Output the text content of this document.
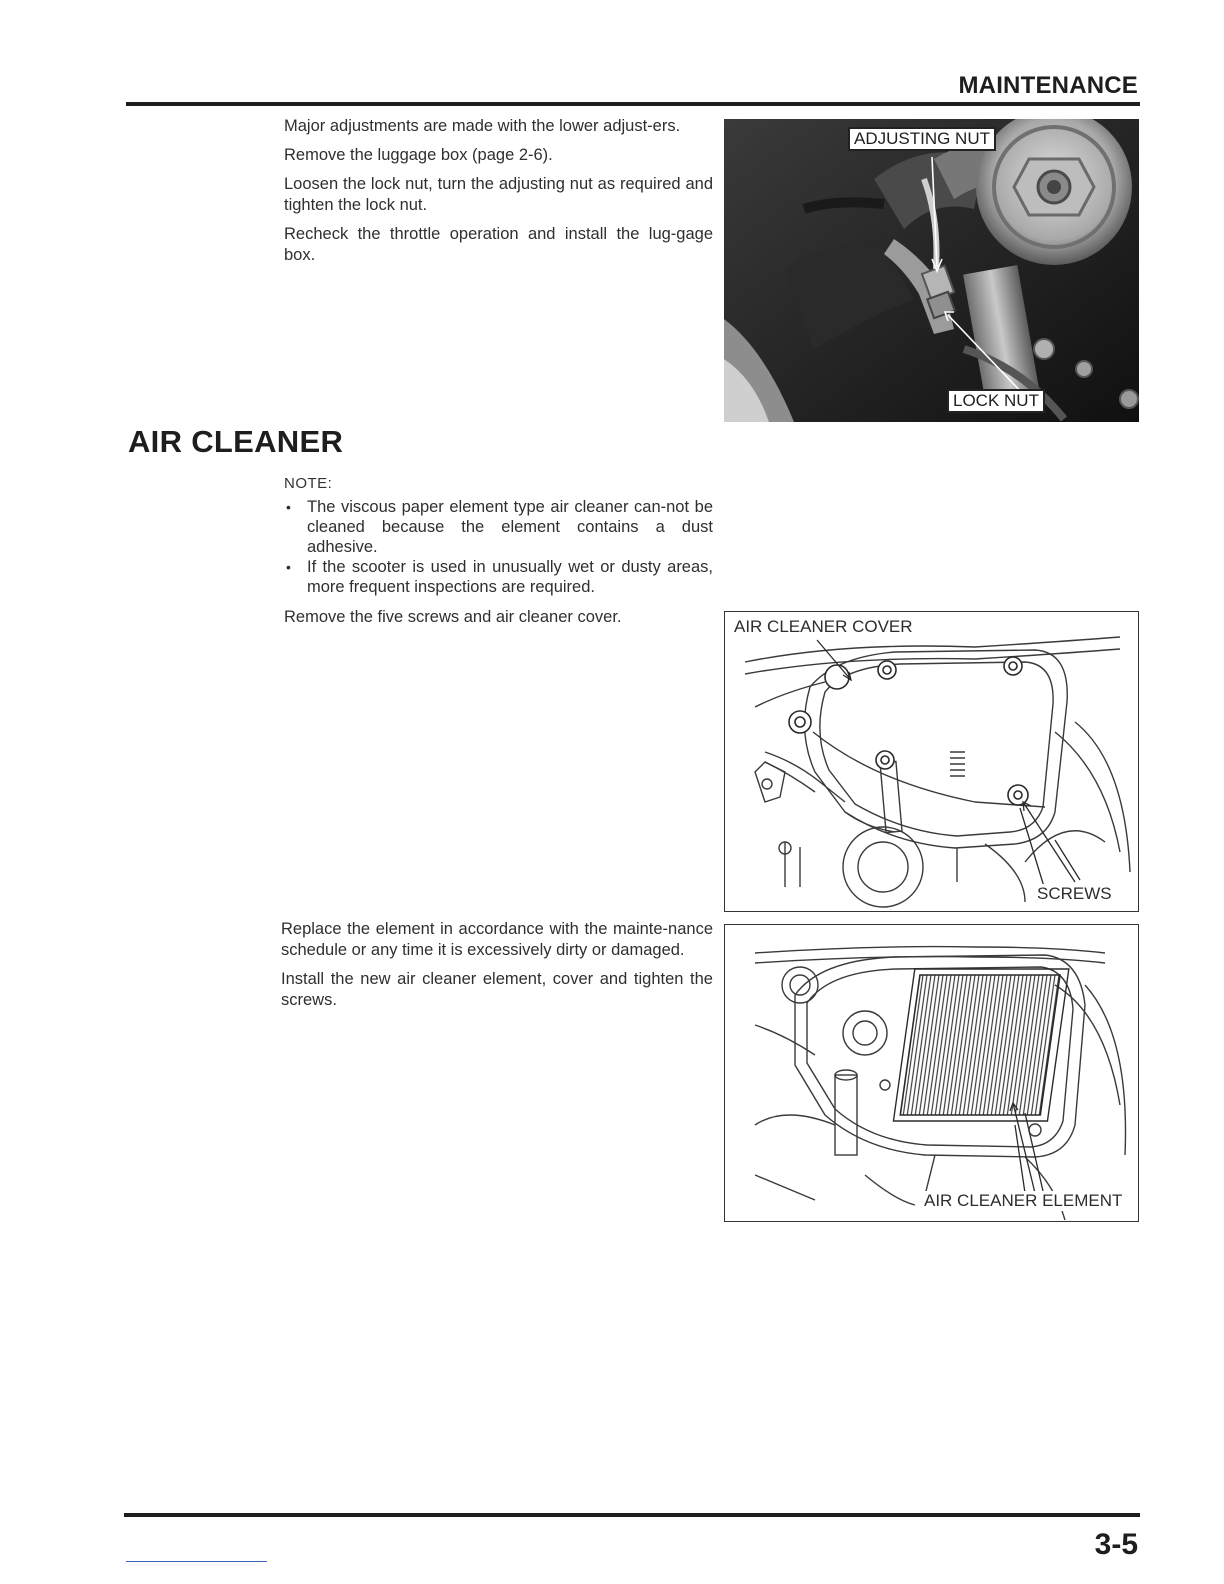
MAINTENANCE

Major adjustments are made with the lower adjust-ers.

Remove the luggage box (page 2-6).

Loosen the lock nut, turn the adjusting nut as required and tighten the lock nut.

Recheck the throttle operation and install the lug-gage box.

ADJUSTING NUT
LOCK NUT
AIR CLEANER
NOTE:
• The viscous paper element type air cleaner can-not be cleaned because the element contains a dust adhesive.
• If the scooter is used in unusually wet or dusty areas, more frequent inspections are required.

Remove the five screws and air cleaner cover.	AIR CLEANER COVER
SCREWS

Replace the element in accordance with the mainte-nance schedule or any time it is excessively dirty or damaged.

Install the new air cleaner element, cover and tighten the screws.

AIR CLEANER ELEMENT
3-5
